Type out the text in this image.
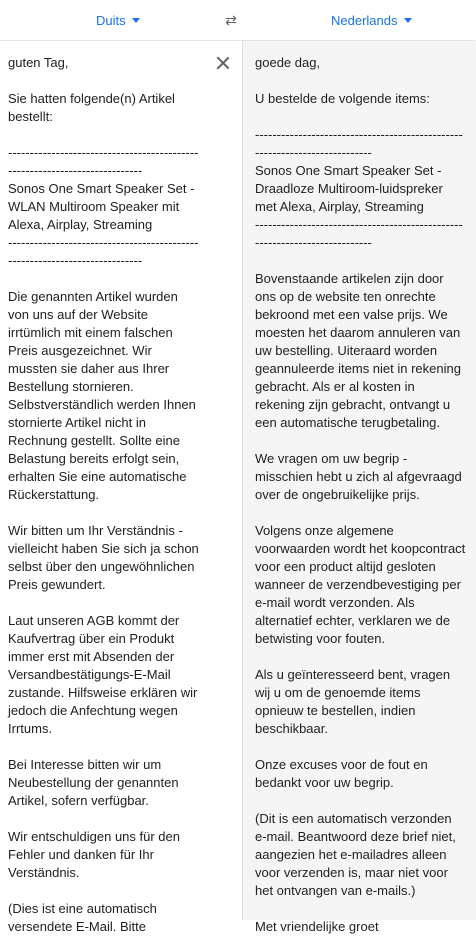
Duits	⇄	Nederlands
guten Tag,

Sie hatten folgende(n) Artikel bestellt:

---------------------------------------------------------------------------
Sonos One Smart Speaker Set - WLAN Multiroom Speaker mit Alexa, Airplay, Streaming
---------------------------------------------------------------------------

Die genannten Artikel wurden von uns auf der Website irrtümlich mit einem falschen Preis ausgezeichnet. Wir mussten sie daher aus Ihrer Bestellung stornieren. Selbstverständlich werden Ihnen stornierte Artikel nicht in Rechnung gestellt. Sollte eine Belastung bereits erfolgt sein, erhalten Sie eine automatische Rückerstattung.

Wir bitten um Ihr Verständnis - vielleicht haben Sie sich ja schon selbst über den ungewöhnlichen Preis gewundert.

Laut unseren AGB kommt der Kaufvertrag über ein Produkt immer erst mit Absenden der Versandbestätigungs-E-Mail zustande. Hilfsweise erklären wir jedoch die Anfechtung wegen Irrtums.

Bei Interesse bitten wir um Neubestellung der genannten Artikel, sofern verfügbar.

Wir entschuldigen uns für den Fehler und danken für Ihr Verständnis.

(Dies ist eine automatisch versendete E-Mail. Bitte
goede dag,

U bestelde de volgende items:

---------------------------------------------------------------------------
Sonos One Smart Speaker Set - Draadloze Multiroom-luidspreker met Alexa, Airplay, Streaming
---------------------------------------------------------------------------

Bovenstaande artikelen zijn door ons op de website ten onrechte bekroond met een valse prijs. We moesten het daarom annuleren van uw bestelling. Uiteraard worden geannuleerde items niet in rekening gebracht. Als er al kosten in rekening zijn gebracht, ontvangt u een automatische terugbetaling.

We vragen om uw begrip - misschien hebt u zich al afgevraagd over de ongebruikelijke prijs.

Volgens onze algemene voorwaarden wordt het koopcontract voor een product altijd gesloten wanneer de verzendbevestiging per e-mail wordt verzonden. Als alternatief echter, verklaren we de betwisting voor fouten.

Als u geïnteresseerd bent, vragen wij u om de genoemde items opnieuw te bestellen, indien beschikbaar.

Onze excuses voor de fout en bedankt voor uw begrip.

(Dit is een automatisch verzonden e-mail. Beantwoord deze brief niet, aangezien het e-mailadres alleen voor verzenden is, maar niet voor het ontvangen van e-mails.)

Met vriendelijke groet
